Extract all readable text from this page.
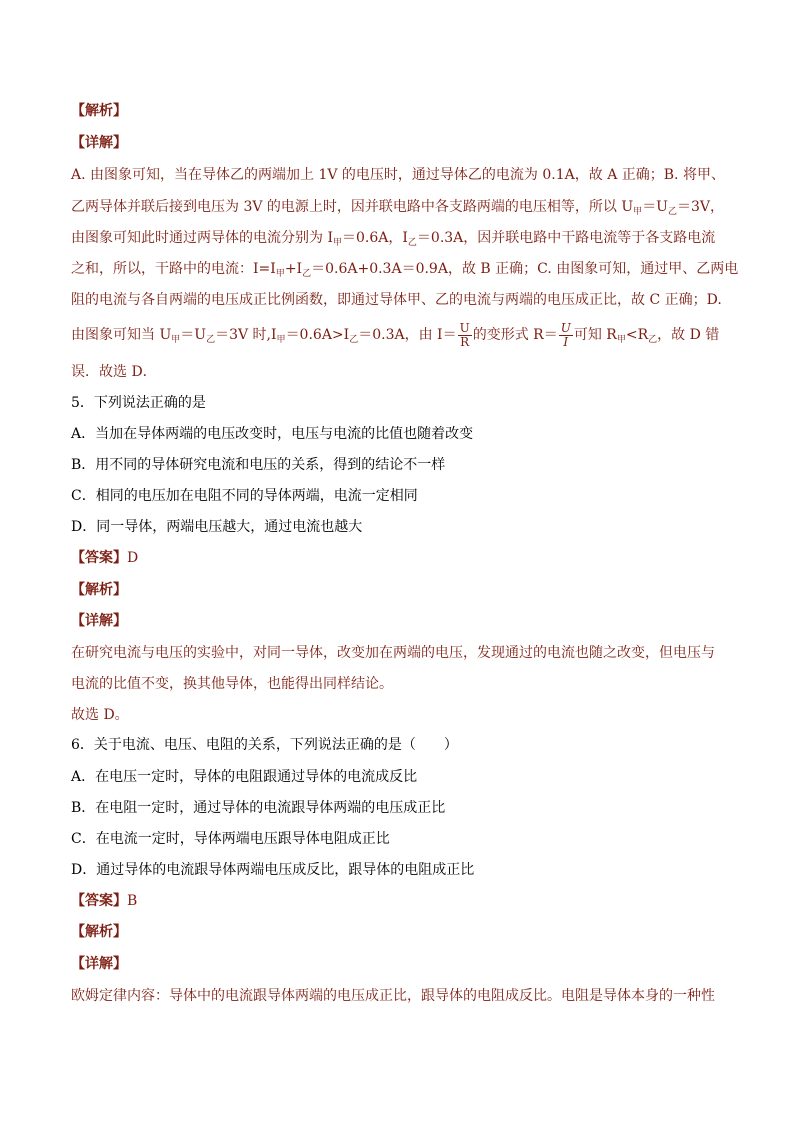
【解析】
【详解】
A. 由图象可知，当在导体乙的两端加上 1V 的电压时，通过导体乙的电流为 0.1A，故 A 正确；B. 将甲、
乙两导体并联后接到电压为 3V 的电源上时，因并联电路中各支路两端的电压相等，所以 $U_甲=U_乙=3V$，
由图象可知此时通过两导体的电流分别为 $I_甲=0.6A$，$I_乙=0.3A$，因并联电路中干路电流等于各支路电流
之和，所以，干路中的电流：$I=I_甲+I_乙=0.6A+0.3A=0.9A$，故 B 正确；C. 由图象可知，通过甲、乙两电
阻的电流与各自两端的电压成正比例函数，即通过导体甲、乙的电流与两端的电压成正比，故 C 正确；D.
由图象可知当 $U_甲=U_乙=3V$ 时$,I_甲=0.6A>I_乙=0.3A$，由 $I= \frac{U}{R}$ 的变形式 $R= \frac{U}{I}$ 可知 $R_甲<R_乙$，故 D 错
误．故选 D．
5．下列说法正确的是
A．当加在导体两端的电压改变时，电压与电流的比值也随着改变
B．用不同的导体研究电流和电压的关系，得到的结论不一样
C．相同的电压加在电阻不同的导体两端，电流一定相同
D．同一导体，两端电压越大，通过电流也越大
【答案】D
【解析】
【详解】
在研究电流与电压的实验中，对同一导体，改变加在两端的电压，发现通过的电流也随之改变，但电压与
电流的比值不变，换其他导体，也能得出同样结论。
故选 D。
6．关于电流、电压、电阻的关系，下列说法正确的是（　　）
A．在电压一定时，导体的电阻跟通过导体的电流成反比
B．在电阻一定时，通过导体的电流跟导体两端的电压成正比
C．在电流一定时，导体两端电压跟导体电阻成正比
D．通过导体的电流跟导体两端电压成反比，跟导体的电阻成正比
【答案】B
【解析】
【详解】
欧姆定律内容：导体中的电流跟导体两端的电压成正比，跟导体的电阻成反比。电阻是导体本身的一种性
